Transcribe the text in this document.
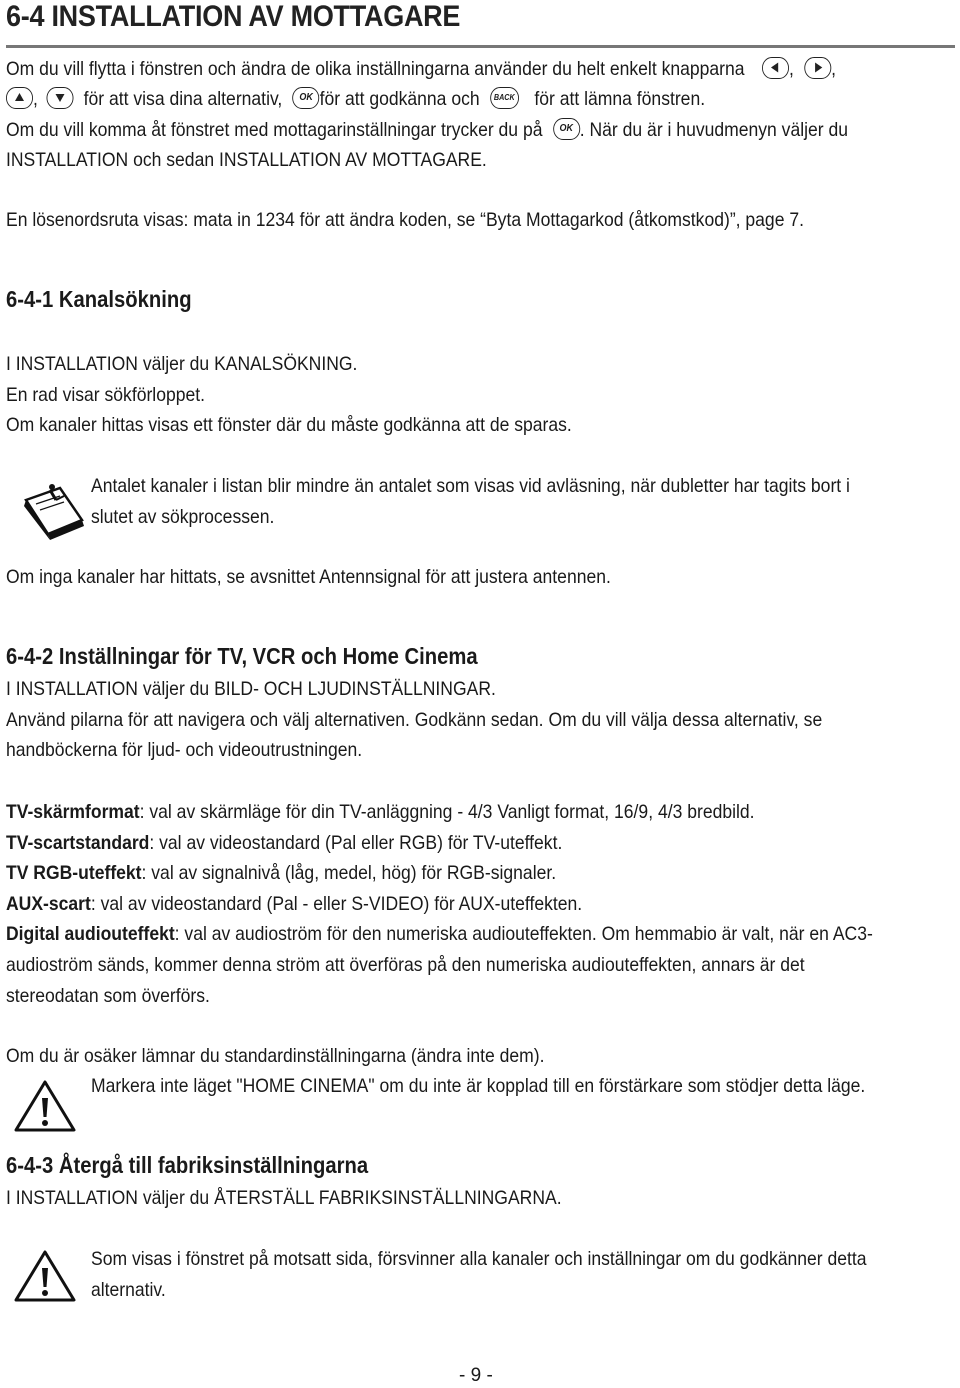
6-4 INSTALLATION AV MOTTAGARE
Om du vill flytta i fönstren och ändra de olika inställningarna använder du helt enkelt knapparna , ,
, för att visa dina alternativ, OK för att godkänna och BACK för att lämna fönstren.
Om du vill komma åt fönstret med mottagarinställningar trycker du på OK . När du är i huvudmenyn väljer du
INSTALLATION och sedan INSTALLATION AV MOTTAGARE.
En lösenordsruta visas: mata in 1234 för att ändra koden, se “Byta Mottagarkod (åtkomstkod)”, page 7.
6-4-1 Kanalsökning
I INSTALLATION väljer du KANALSÖKNING.
En rad visar sökförloppet.
Om kanaler hittas visas ett fönster där du måste godkänna att de sparas.
Antalet kanaler i listan blir mindre än antalet som visas vid avläsning, när dubletter har tagits bort i
slutet av sökprocessen.
Om inga kanaler har hittats, se avsnittet Antennsignal för att justera antennen.
6-4-2 Inställningar för TV, VCR och Home Cinema
I INSTALLATION väljer du BILD- OCH LJUDINSTÄLLNINGAR.
Använd pilarna för att navigera och välj alternativen. Godkänn sedan. Om du vill välja dessa alternativ, se
handböckerna för ljud- och videoutrustningen.
TV-skärmformat: val av skärmläge för din TV-anläggning - 4/3 Vanligt format, 16/9, 4/3 bredbild.
TV-scartstandard: val av videostandard (Pal eller RGB) för TV-uteffekt.
TV RGB-uteffekt: val av signalnivå (låg, medel, hög) för RGB-signaler.
AUX-scart: val av videostandard (Pal - eller S-VIDEO) för AUX-uteffekten.
Digital audiouteffekt: val av audioström för den numeriska audiouteffekten. Om hemmabio är valt, när en AC3-
audioström sänds, kommer denna ström att överföras på den numeriska audiouteffekten, annars är det
stereodatan som överförs.
Om du är osäker lämnar du standardinställningarna (ändra inte dem).
Markera inte läget "HOME CINEMA" om du inte är kopplad till en förstärkare som stödjer detta läge.
6-4-3 Återgå till fabriksinställningarna
I INSTALLATION väljer du ÅTERSTÄLL FABRIKSINSTÄLLNINGARNA.
Som visas i fönstret på motsatt sida, försvinner alla kanaler och inställningar om du godkänner detta
alternativ.
- 9 -
